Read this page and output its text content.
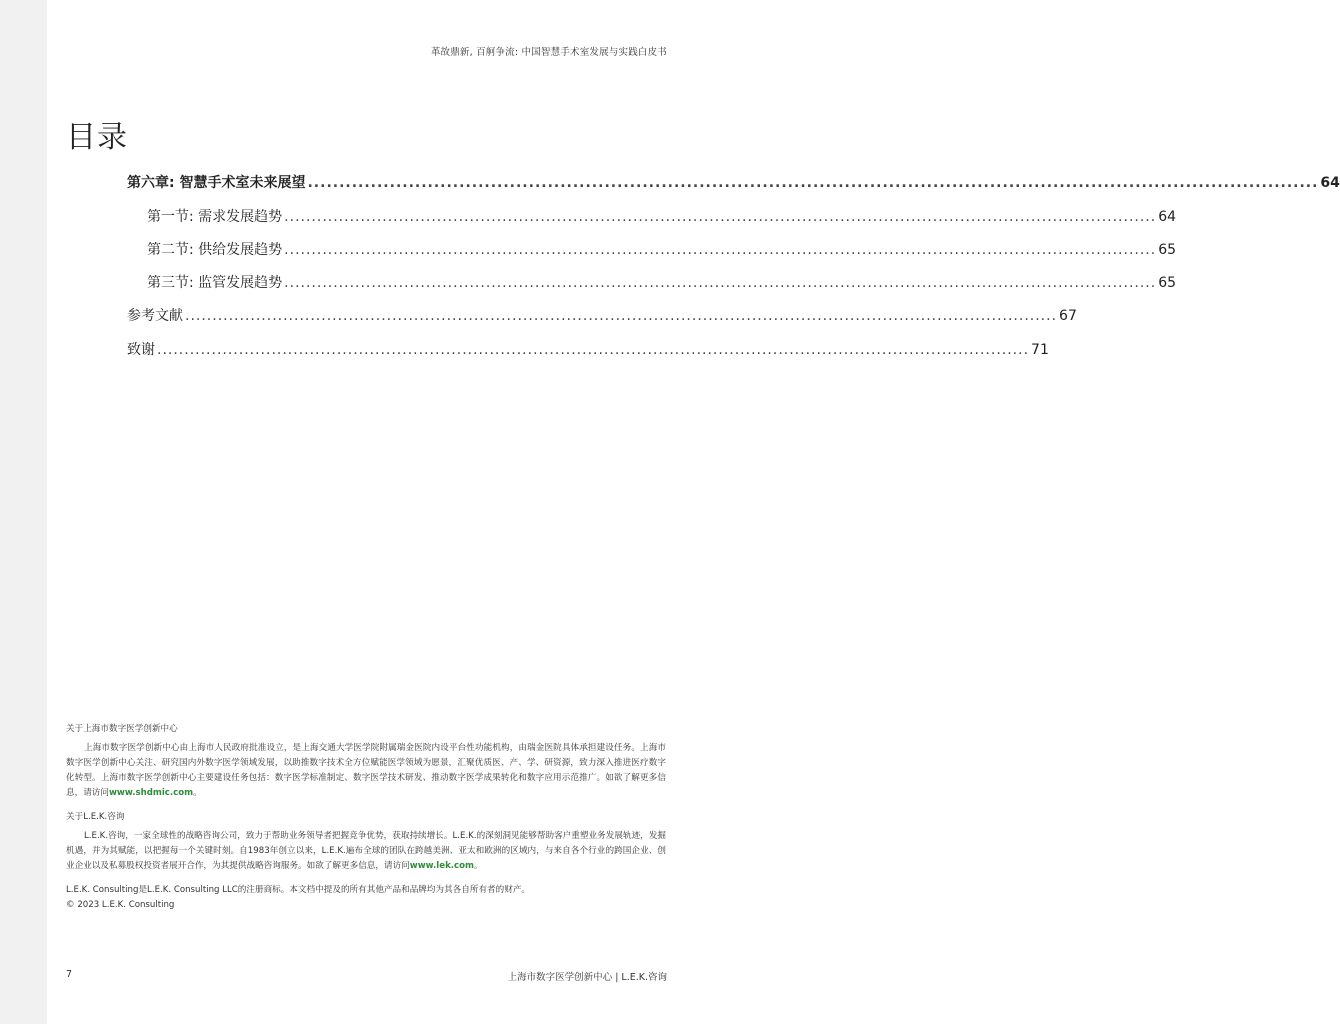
革故鼎新, 百舸争流: 中国智慧手术室发展与实践白皮书
目录
第六章: 智慧手术室未来展望 ................................................................................................................................................................ 64
第一节: 需求发展趋势 ................................................................................................................................................................ 64
第二节: 供给发展趋势 ................................................................................................................................................................ 65
第三节: 监管发展趋势 ................................................................................................................................................................ 65
参考文献 ................................................................................................................................................................ 67
致谢 ................................................................................................................................................................ 71
关于上海市数字医学创新中心
上海市数字医学创新中心由上海市人民政府批准设立，是上海交通大学医学院附属瑞金医院内设平台性功能机构，由瑞金医院具体承担建设任务。上海市数字医学创新中心关注、研究国内外数字医学领域发展，以助推数字技术全方位赋能医学领域为愿景，汇聚优质医、产、学、研资源，致力深入推进医疗数字化转型。上海市数字医学创新中心主要建设任务包括：数字医学标准制定、数字医学技术研发、推动数字医学成果转化和数字应用示范推广。如欲了解更多信息，请访问www.shdmic.com。
关于L.E.K.咨询
L.E.K.咨询，一家全球性的战略咨询公司，致力于帮助业务领导者把握竞争优势，获取持续增长。L.E.K.的深刻洞见能够帮助客户重塑业务发展轨迹，发掘机遇，并为其赋能，以把握每一个关键时刻。自1983年创立以来，L.E.K.遍布全球的团队在跨越美洲、亚太和欧洲的区域内，与来自各个行业的跨国企业、创业企业以及私募股权投资者展开合作，为其提供战略咨询服务。如欲了解更多信息，请访问www.lek.com。

L.E.K. Consulting是L.E.K. Consulting LLC的注册商标。本文档中提及的所有其他产品和品牌均为其各自所有者的财产。

© 2023 L.E.K. Consulting

7	上海市数字医学创新中心 | L.E.K.咨询
